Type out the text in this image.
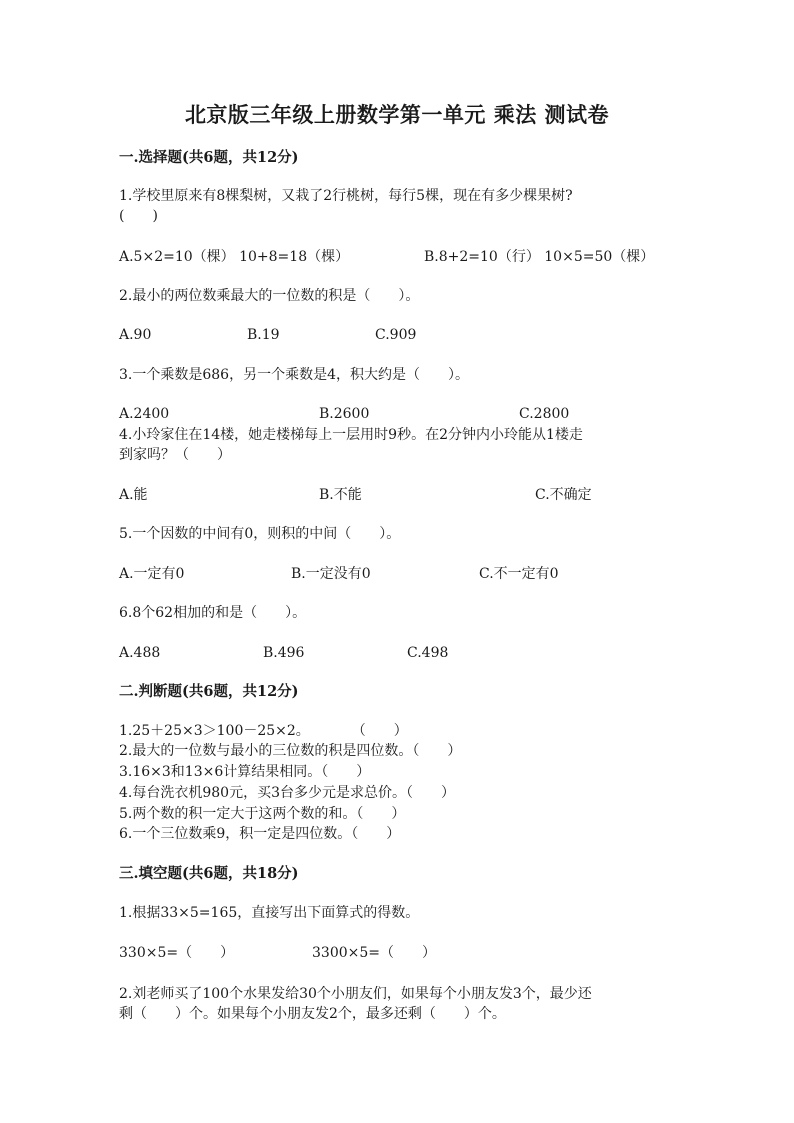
北京版三年级上册数学第一单元 乘法 测试卷
一.选择题(共6题，共12分)
1.学校里原来有8棵梨树，又栽了2行桃树，每行5棵，现在有多少棵果树?
(　　)
A.5×2=10（棵） 10+8=18（棵）	B.8+2=10（行） 10×5=50（棵）
2.最小的两位数乘最大的一位数的积是（　　）。
A.90	B.19	C.909
3.一个乘数是686，另一个乘数是4，积大约是（　　）。
A.2400	B.2600	C.2800
4.小玲家住在14楼，她走楼梯每上一层用时9秒。在2分钟内小玲能从1楼走
到家吗？（　　）
A.能	B.不能	C.不确定
5.一个因数的中间有0，则积的中间（　　）。
A.一定有0	B.一定没有0	C.不一定有0
6.8个62相加的和是（　　）。
A.488	B.496	C.498
二.判断题(共6题，共12分)
1.25＋25×3＞100－25×2。　　　　（　　）
2.最大的一位数与最小的三位数的积是四位数。（　　）
3.16×3和13×6计算结果相同。（　　）
4.每台洗衣机980元，买3台多少元是求总价。（　　）
5.两个数的积一定大于这两个数的和。（　　）
6.一个三位数乘9，积一定是四位数。（　　）
三.填空题(共6题，共18分)
1.根据33×5=165，直接写出下面算式的得数。
330×5=（　　）	3300×5=（　　）
2.刘老师买了100个水果发给30个小朋友们，如果每个小朋友发3个，最少还
剩（　　）个。如果每个小朋友发2个，最多还剩（　　）个。
